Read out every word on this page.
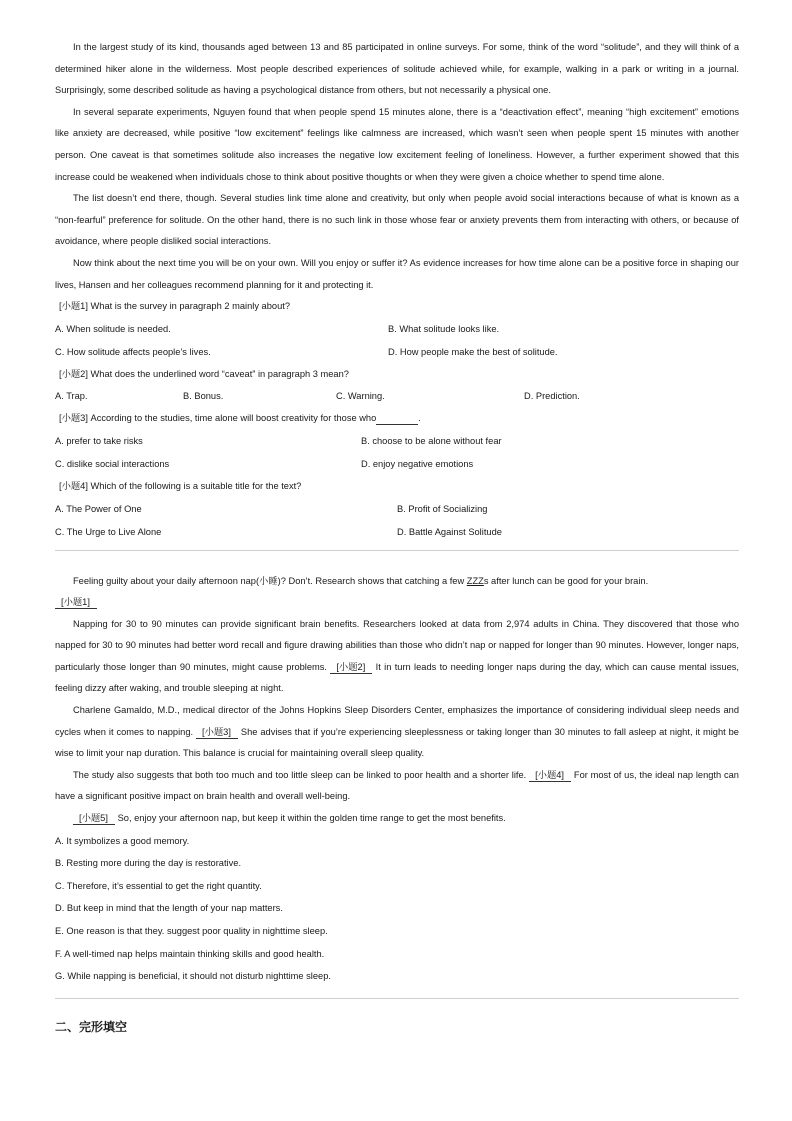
In the largest study of its kind, thousands aged between 13 and 85 participated in online surveys. For some, think of the word “solitude”, and they will think of a determined hiker alone in the wilderness. Most people described experiences of solitude achieved while, for example, walking in a park or writing in a journal. Surprisingly, some described solitude as having a psychological distance from others, but not necessarily a physical one.

In several separate experiments, Nguyen found that when people spend 15 minutes alone, there is a “deactivation effect”, meaning “high excitement” emotions like anxiety are decreased, while positive “low excitement” feelings like calmness are increased, which wasn’t seen when people spent 15 minutes with another person. One caveat is that sometimes solitude also increases the negative low excitement feeling of loneliness. However, a further experiment showed that this increase could be weakened when individuals chose to think about positive thoughts or when they were given a choice whether to spend time alone.

The list doesn’t end there, though. Several studies link time alone and creativity, but only when people avoid social interactions because of what is known as a “non-fearful” preference for solitude. On the other hand, there is no such link in those whose fear or anxiety prevents them from interacting with others, or because of avoidance, where people disliked social interactions.

Now think about the next time you will be on your own. Will you enjoy or suffer it? As evidence increases for how time alone can be a positive force in shaping our lives, Hansen and her colleagues recommend planning for it and protecting it.

[小题1] What is the survey in paragraph 2 mainly about?

A. When solitude is needed.	B. What solitude looks like.
C. How solitude affects people’s lives.	D. How people make the best of solitude.

[小题2] What does the underlined word “caveat” in paragraph 3 mean?

A. Trap.	B. Bonus.	C. Warning.	D. Prediction.

[小题3] According to the studies, time alone will boost creativity for those who	.

A. prefer to take risks	B. choose to be alone without fear
C. dislike social interactions	D. enjoy negative emotions

[小题4] Which of the following is a suitable title for the text?

A. The Power of One	B. Profit of Socializing
C. The Urge to Live Alone	D. Battle Against Solitude

Feeling guilty about your daily afternoon nap(小睡)? Don’t. Research shows that catching a few ZZZs after lunch can be good for your brain.

[小题1]

Napping for 30 to 90 minutes can provide significant brain benefits. Researchers looked at data from 2,974 adults in China. They discovered that those who napped for 30 to 90 minutes had better word recall and figure drawing abilities than those who didn’t nap or napped for longer than 90 minutes. However, longer naps, particularly those longer than 90 minutes, might cause problems. [小题2] It in turn leads to needing longer naps during the day, which can cause mental issues, feeling dizzy after waking, and trouble sleeping at night.

Charlene Gamaldo, M.D., medical director of the Johns Hopkins Sleep Disorders Center, emphasizes the importance of considering individual sleep needs and cycles when it comes to napping. [小题3] She advises that if you’re experiencing sleeplessness or taking longer than 30 minutes to fall asleep at night, it might be wise to limit your nap duration. This balance is crucial for maintaining overall sleep quality.

The study also suggests that both too much and too little sleep can be linked to poor health and a shorter life. [小题4] For most of us, the ideal nap length can have a significant positive impact on brain health and overall well-being.

[小题5] So, enjoy your afternoon nap, but keep it within the golden time range to get the most benefits.

A. It symbolizes a good memory.

B. Resting more during the day is restorative.

C. Therefore, it’s essential to get the right quantity.

D. But keep in mind that the length of your nap matters.

E. One reason is that they. suggest poor quality in nighttime sleep.

F. A well-timed nap helps maintain thinking skills and good health.

G. While napping is beneficial, it should not disturb nighttime sleep.

二、完形填空
